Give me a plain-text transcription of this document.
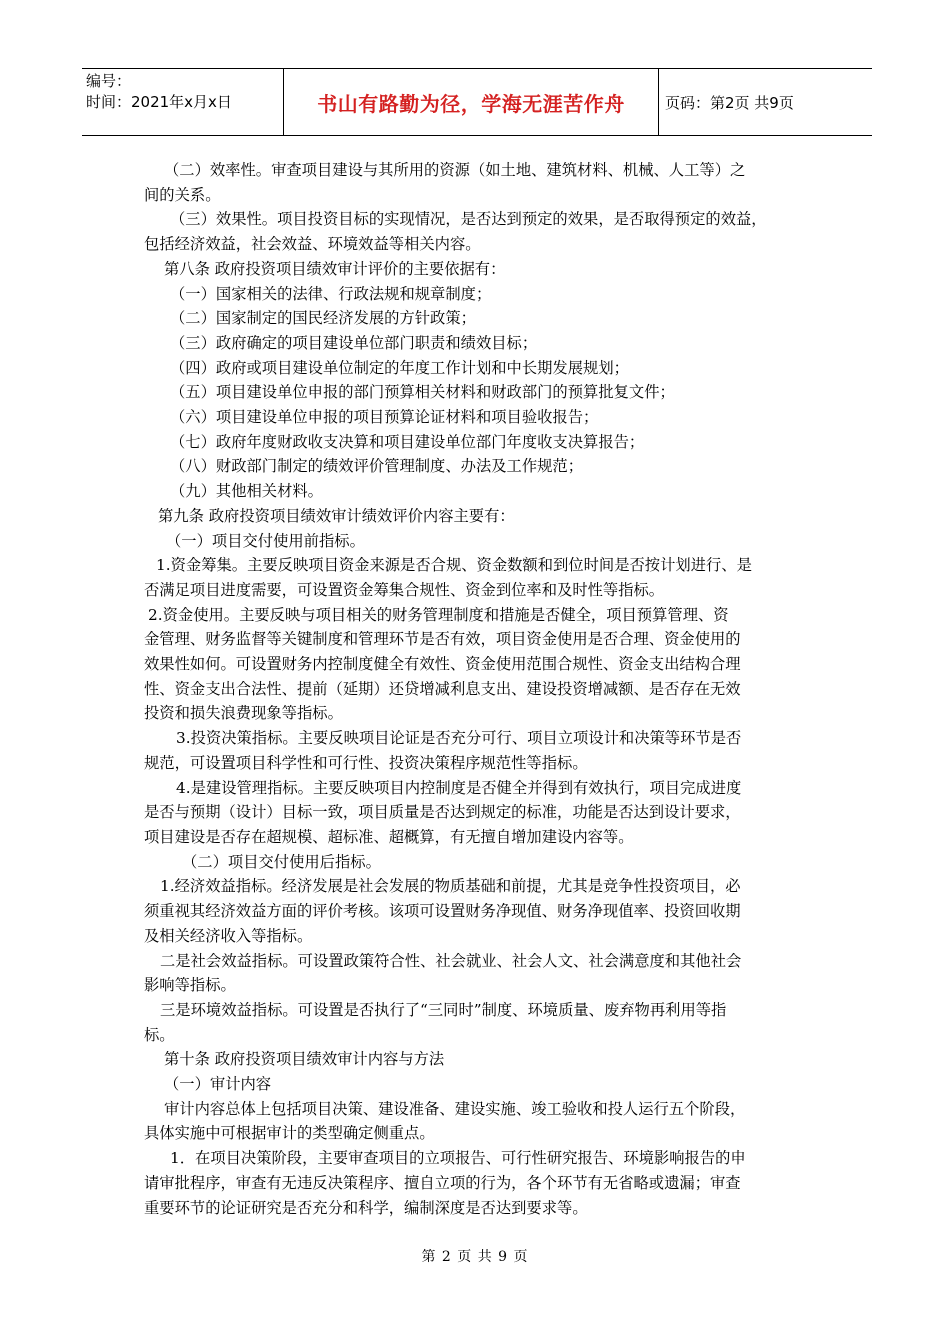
编号：
时间：2021年x月x日	书山有路勤为径，学海无涯苦作舟	页码：第2页 共9页

（二）效率性。审查项目建设与其所用的资源（如土地、建筑材料、机械、人工等）之

间的关系。

（三）效果性。项目投资目标的实现情况，是否达到预定的效果，是否取得预定的效益，

包括经济效益，社会效益、环境效益等相关内容。

第八条 政府投资项目绩效审计评价的主要依据有：

（一）国家相关的法律、行政法规和规章制度；

（二）国家制定的国民经济发展的方针政策；

（三）政府确定的项目建设单位部门职责和绩效目标；

（四）政府或项目建设单位制定的年度工作计划和中长期发展规划；

（五）项目建设单位申报的部门预算相关材料和财政部门的预算批复文件；

（六）项目建设单位申报的项目预算论证材料和项目验收报告；

（七）政府年度财政收支决算和项目建设单位部门年度收支决算报告；

（八）财政部门制定的绩效评价管理制度、办法及工作规范；

（九）其他相关材料。

第九条 政府投资项目绩效审计绩效评价内容主要有：

（一）项目交付使用前指标。

1.资金筹集。主要反映项目资金来源是否合规、资金数额和到位时间是否按计划进行、是

否满足项目进度需要，可设置资金筹集合规性、资金到位率和及时性等指标。

2.资金使用。主要反映与项目相关的财务管理制度和措施是否健全，项目预算管理、资

金管理、财务监督等关键制度和管理环节是否有效，项目资金使用是否合理、资金使用的

效果性如何。可设置财务内控制度健全有效性、资金使用范围合规性、资金支出结构合理

性、资金支出合法性、提前（延期）还贷增减利息支出、建设投资增减额、是否存在无效

投资和损失浪费现象等指标。

3.投资决策指标。主要反映项目论证是否充分可行、项目立项设计和决策等环节是否

规范，可设置项目科学性和可行性、投资决策程序规范性等指标。

4.是建设管理指标。主要反映项目内控制度是否健全并得到有效执行，项目完成进度

是否与预期（设计）目标一致，项目质量是否达到规定的标准，功能是否达到设计要求，

项目建设是否存在超规模、超标准、超概算，有无擅自增加建设内容等。

（二）项目交付使用后指标。

1.经济效益指标。经济发展是社会发展的物质基础和前提，尤其是竞争性投资项目，必

须重视其经济效益方面的评价考核。该项可设置财务净现值、财务净现值率、投资回收期

及相关经济收入等指标。

二是社会效益指标。可设置政策符合性、社会就业、社会人文、社会满意度和其他社会

影响等指标。

三是环境效益指标。可设置是否执行了“三同时”制度、环境质量、废弃物再利用等指

标。

第十条 政府投资项目绩效审计内容与方法

（一）审计内容

审计内容总体上包括项目决策、建设准备、建设实施、竣工验收和投人运行五个阶段，

具体实施中可根据审计的类型确定侧重点。

1．在项目决策阶段，主要审查项目的立项报告、可行性研究报告、环境影响报告的申

请审批程序，审查有无违反决策程序、擅自立项的行为，各个环节有无省略或遗漏；审查

重要环节的论证研究是否充分和科学，编制深度是否达到要求等。

第 2 页 共 9 页
